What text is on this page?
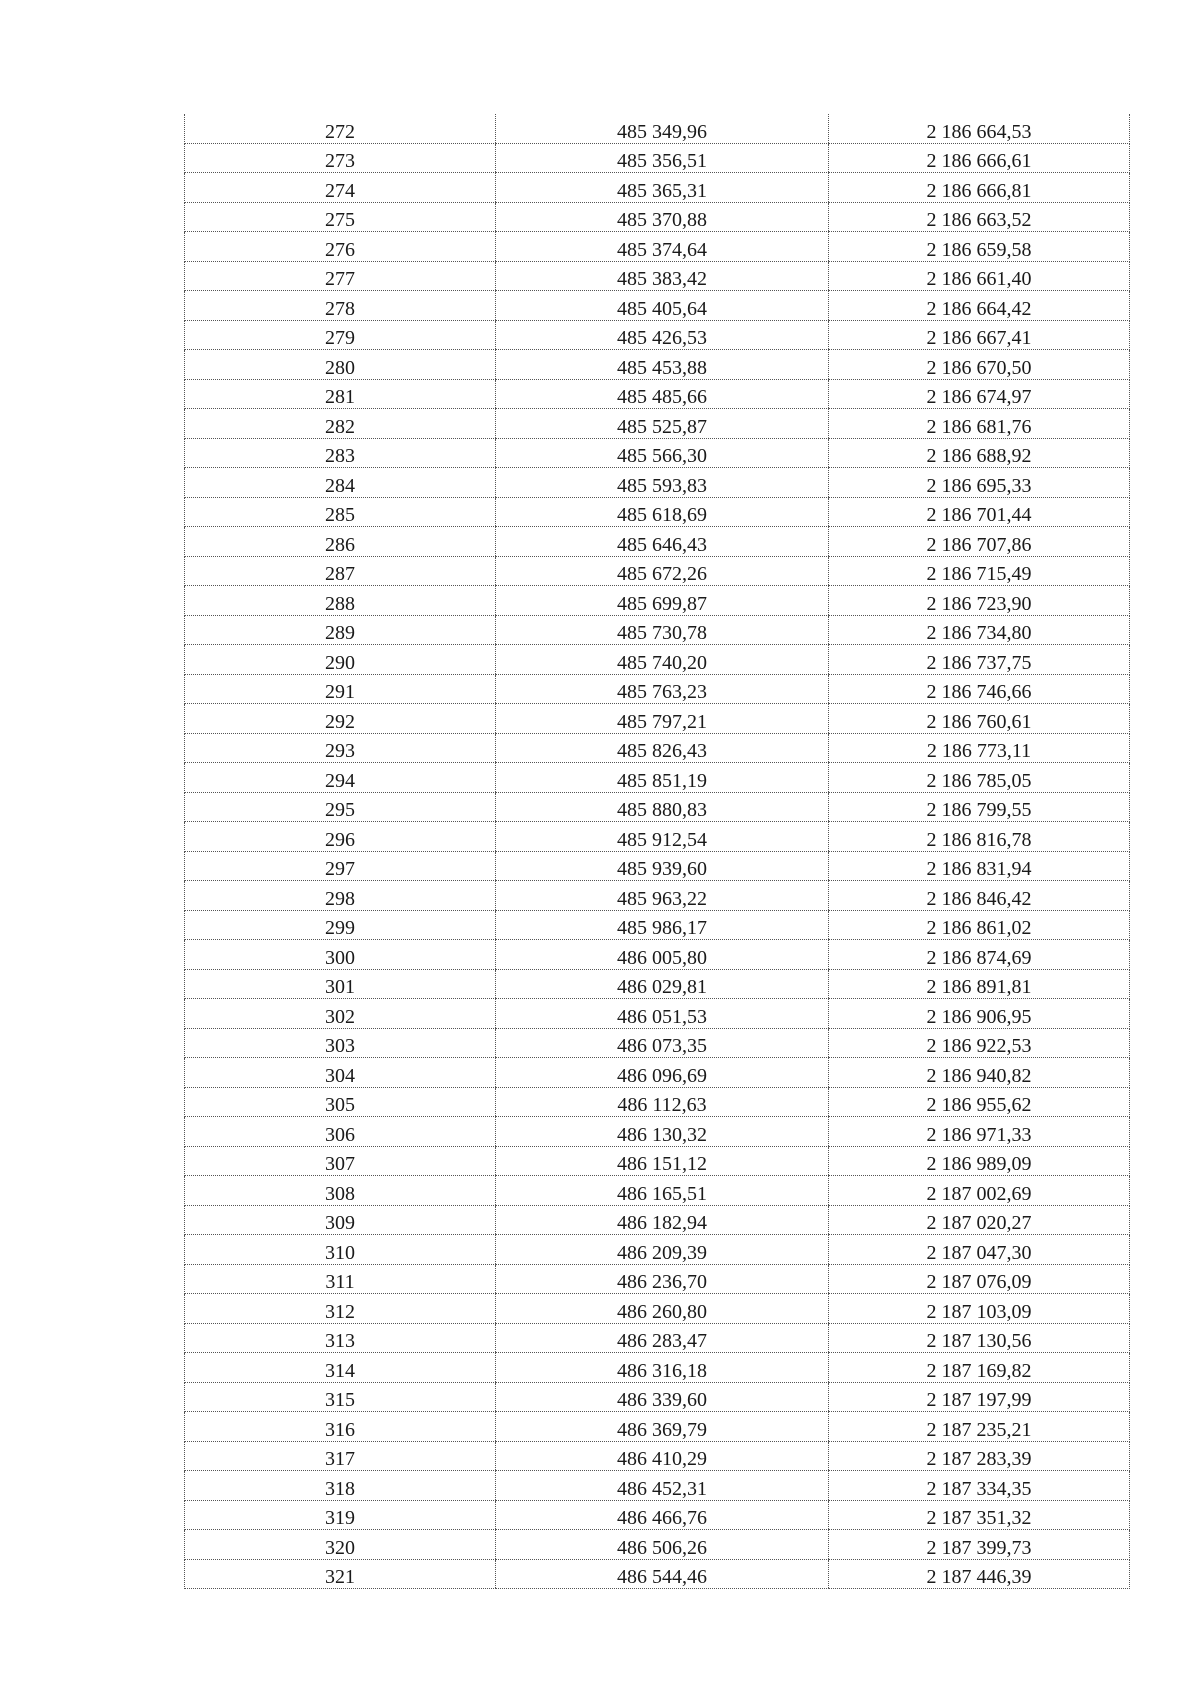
272	485 349,96	2 186 664,53
273	485 356,51	2 186 666,61
274	485 365,31	2 186 666,81
275	485 370,88	2 186 663,52
276	485 374,64	2 186 659,58
277	485 383,42	2 186 661,40
278	485 405,64	2 186 664,42
279	485 426,53	2 186 667,41
280	485 453,88	2 186 670,50
281	485 485,66	2 186 674,97
282	485 525,87	2 186 681,76
283	485 566,30	2 186 688,92
284	485 593,83	2 186 695,33
285	485 618,69	2 186 701,44
286	485 646,43	2 186 707,86
287	485 672,26	2 186 715,49
288	485 699,87	2 186 723,90
289	485 730,78	2 186 734,80
290	485 740,20	2 186 737,75
291	485 763,23	2 186 746,66
292	485 797,21	2 186 760,61
293	485 826,43	2 186 773,11
294	485 851,19	2 186 785,05
295	485 880,83	2 186 799,55
296	485 912,54	2 186 816,78
297	485 939,60	2 186 831,94
298	485 963,22	2 186 846,42
299	485 986,17	2 186 861,02
300	486 005,80	2 186 874,69
301	486 029,81	2 186 891,81
302	486 051,53	2 186 906,95
303	486 073,35	2 186 922,53
304	486 096,69	2 186 940,82
305	486 112,63	2 186 955,62
306	486 130,32	2 186 971,33
307	486 151,12	2 186 989,09
308	486 165,51	2 187 002,69
309	486 182,94	2 187 020,27
310	486 209,39	2 187 047,30
311	486 236,70	2 187 076,09
312	486 260,80	2 187 103,09
313	486 283,47	2 187 130,56
314	486 316,18	2 187 169,82
315	486 339,60	2 187 197,99
316	486 369,79	2 187 235,21
317	486 410,29	2 187 283,39
318	486 452,31	2 187 334,35
319	486 466,76	2 187 351,32
320	486 506,26	2 187 399,73
321	486 544,46	2 187 446,39
